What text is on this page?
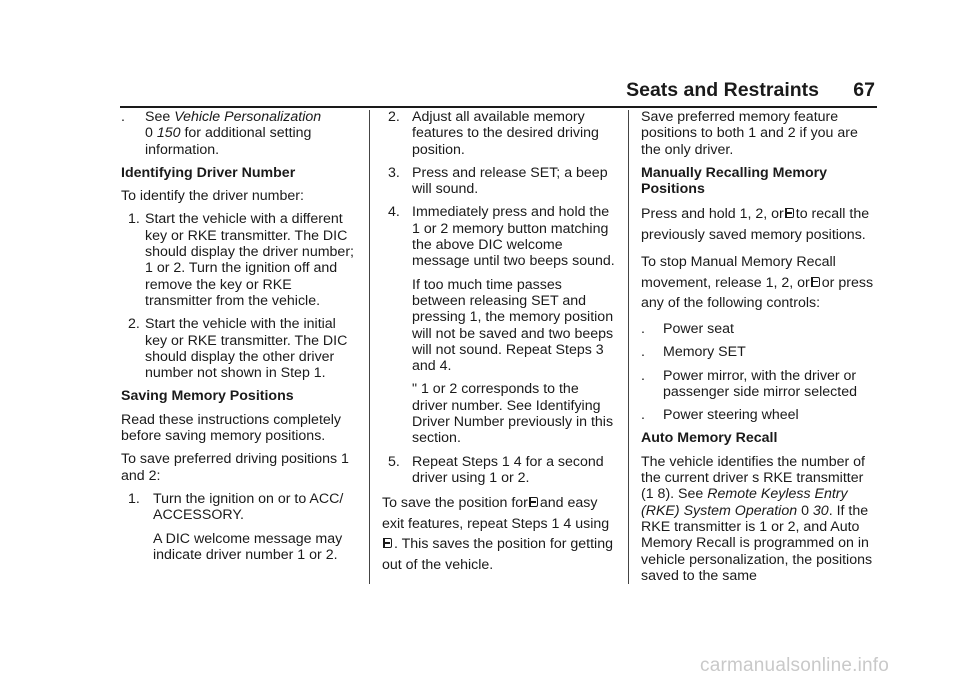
Seats and Restraints 67
. See Vehicle Personalization
0 150 for additional setting information.

Identifying Driver Number

To identify the driver number:

1. Start the vehicle with a different key or RKE transmitter. The DIC should display the driver number; 1 or 2. Turn the ignition off and remove the key or RKE transmitter from the vehicle.
2. Start the vehicle with the initial key or RKE transmitter. The DIC should display the other driver number not shown in Step 1.

Saving Memory Positions

Read these instructions completely before saving memory positions.

To save preferred driving positions 1 and 2:

1. Turn the ignition on or to ACC/ ACCESSORY.

A DIC welcome message may indicate driver number 1 or 2.

2. Adjust all available memory features to the desired driving position.
3. Press and release SET; a beep will sound.
4. Immediately press and hold the 1 or 2 memory button matching the above DIC welcome message until two beeps sound.

If too much time passes between releasing SET and pressing 1, the memory position will not be saved and two beeps will not sound. Repeat Steps 3 and 4.

" 1 or 2 corresponds to the driver number. See Identifying Driver Number previously in this section.

5. Repeat Steps 1 4 for a second driver using 1 or 2.

To save the position for and easy exit features, repeat Steps 1 4 using. This saves the position for getting out of the vehicle.

Save preferred memory feature positions to both 1 and 2 if you are the only driver.

Manually Recalling Memory Positions

Press and hold 1, 2, or to recall the previously saved memory positions.

To stop Manual Memory Recall movement, release 1, 2, or or press any of the following controls:

. Power seat
. Memory SET
. Power mirror, with the driver or passenger side mirror selected
. Power steering wheel

Auto Memory Recall

The vehicle identifies the number of the current driver s RKE transmitter (1 8). See Remote Keyless Entry (RKE) System Operation 0 30. If the RKE transmitter is 1 or 2, and Auto Memory Recall is programmed on in vehicle personalization, the positions saved to the same

carmanualsonline.info
